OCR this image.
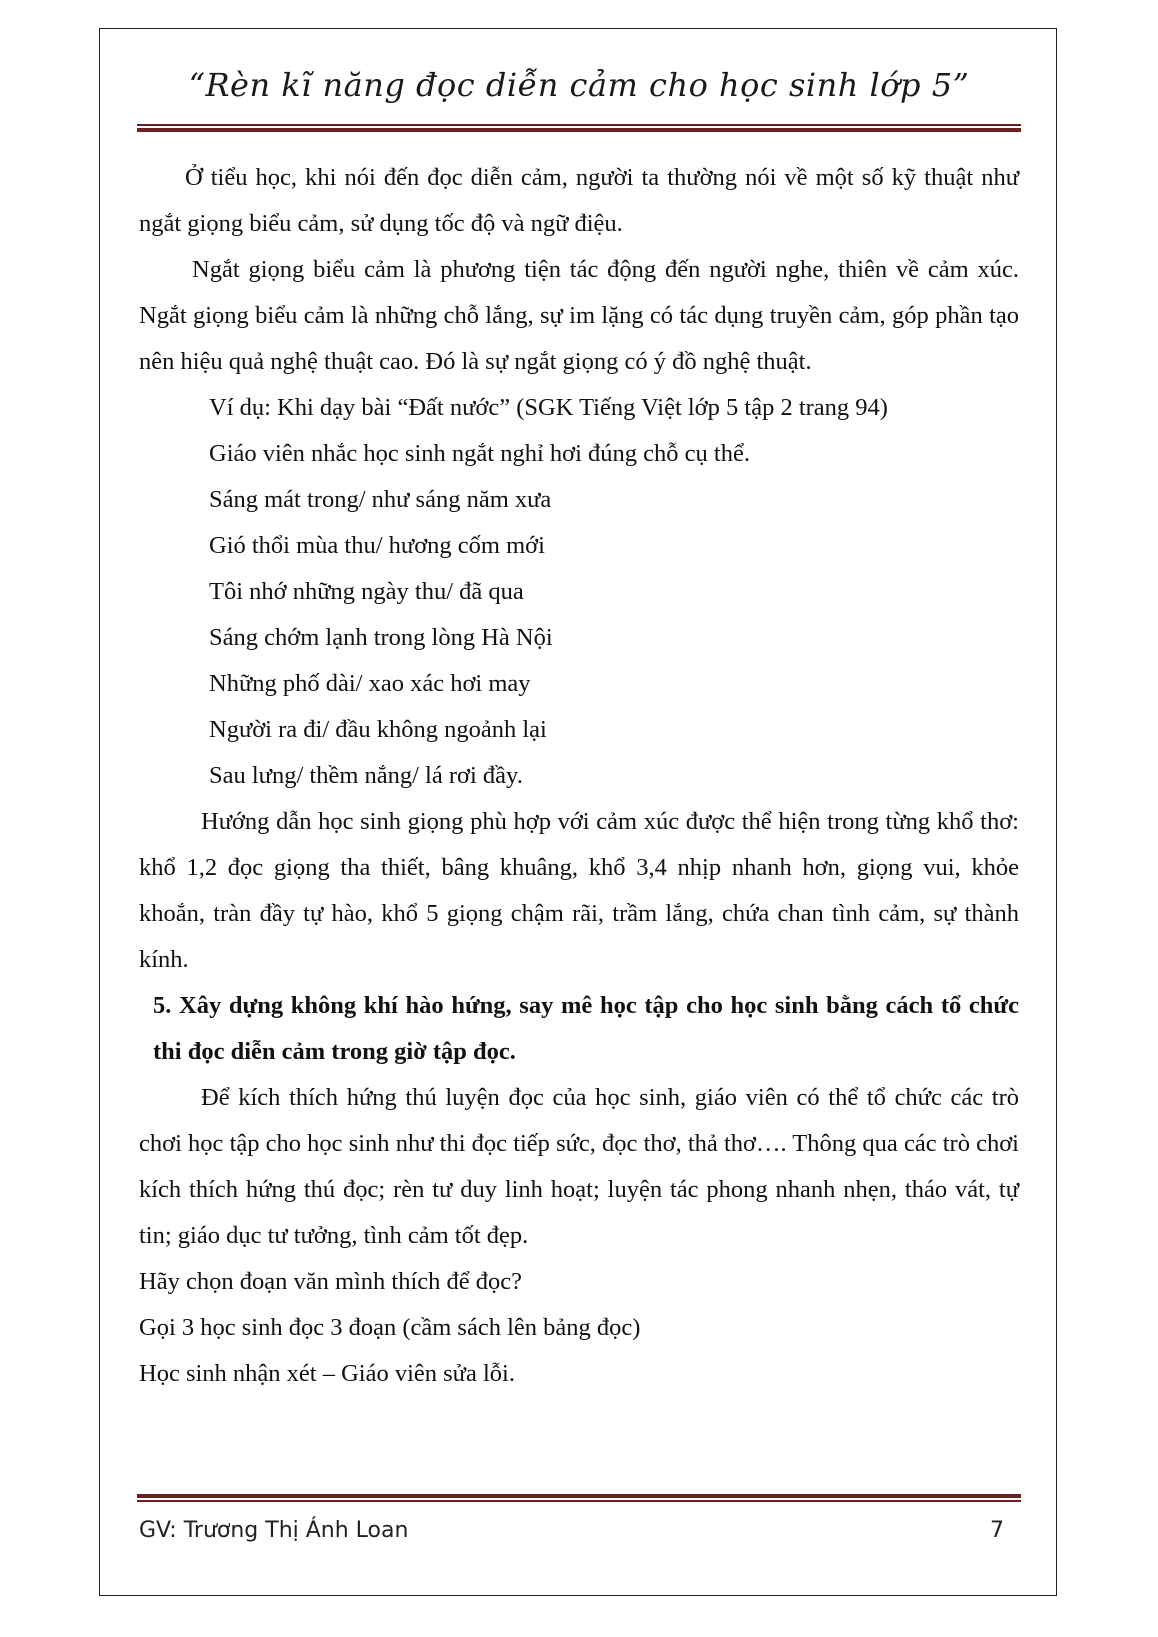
“Rèn kĩ năng đọc diễn cảm cho học sinh lớp 5”

Ở tiểu học, khi nói đến đọc diễn cảm, người ta thường nói về một số kỹ thuật như ngắt giọng biểu cảm, sử dụng tốc độ và ngữ điệu.

Ngắt giọng biểu cảm là phương tiện tác động đến người nghe, thiên về cảm xúc. Ngắt giọng biểu cảm là những chỗ lắng, sự im lặng có tác dụng truyền cảm, góp phần tạo nên hiệu quả nghệ thuật cao. Đó là sự ngắt giọng có ý đồ nghệ thuật.

Ví dụ: Khi dạy bài “Đất nước” (SGK Tiếng Việt lớp 5 tập 2 trang 94)

Giáo viên nhắc học sinh ngắt nghỉ hơi đúng chỗ cụ thể.

Sáng mát trong/ như sáng năm xưa

Gió thổi mùa thu/ hương cốm mới

Tôi nhớ những ngày thu/ đã qua

Sáng chớm lạnh trong lòng Hà Nội

Những phố dài/ xao xác hơi may

Người ra đi/ đầu không ngoảnh lại

Sau lưng/ thềm nắng/ lá rơi đầy.

Hướng dẫn học sinh giọng phù hợp với cảm xúc được thể hiện trong từng khổ thơ: khổ 1,2 đọc giọng tha thiết, bâng khuâng, khổ 3,4 nhịp nhanh hơn, giọng vui, khỏe khoắn, tràn đầy tự hào, khổ 5 giọng chậm rãi, trầm lắng, chứa chan tình cảm, sự thành kính.

5. Xây dựng không khí hào hứng, say mê học tập cho học sinh bằng cách tổ chức thi đọc diễn cảm trong giờ tập đọc.

Để kích thích hứng thú luyện đọc của học sinh, giáo viên có thể tổ chức các trò chơi học tập cho học sinh như thi đọc tiếp sức, đọc thơ, thả thơ…. Thông qua các trò chơi kích thích hứng thú đọc; rèn tư duy linh hoạt; luyện tác phong nhanh nhẹn, tháo vát, tự tin; giáo dục tư tưởng, tình cảm tốt đẹp.

Hãy chọn đoạn văn mình thích để đọc?

Gọi 3 học sinh đọc 3 đoạn (cầm sách lên bảng đọc)

Học sinh nhận xét – Giáo viên sửa lỗi.

GV: Trương Thị Ánh Loan	7
